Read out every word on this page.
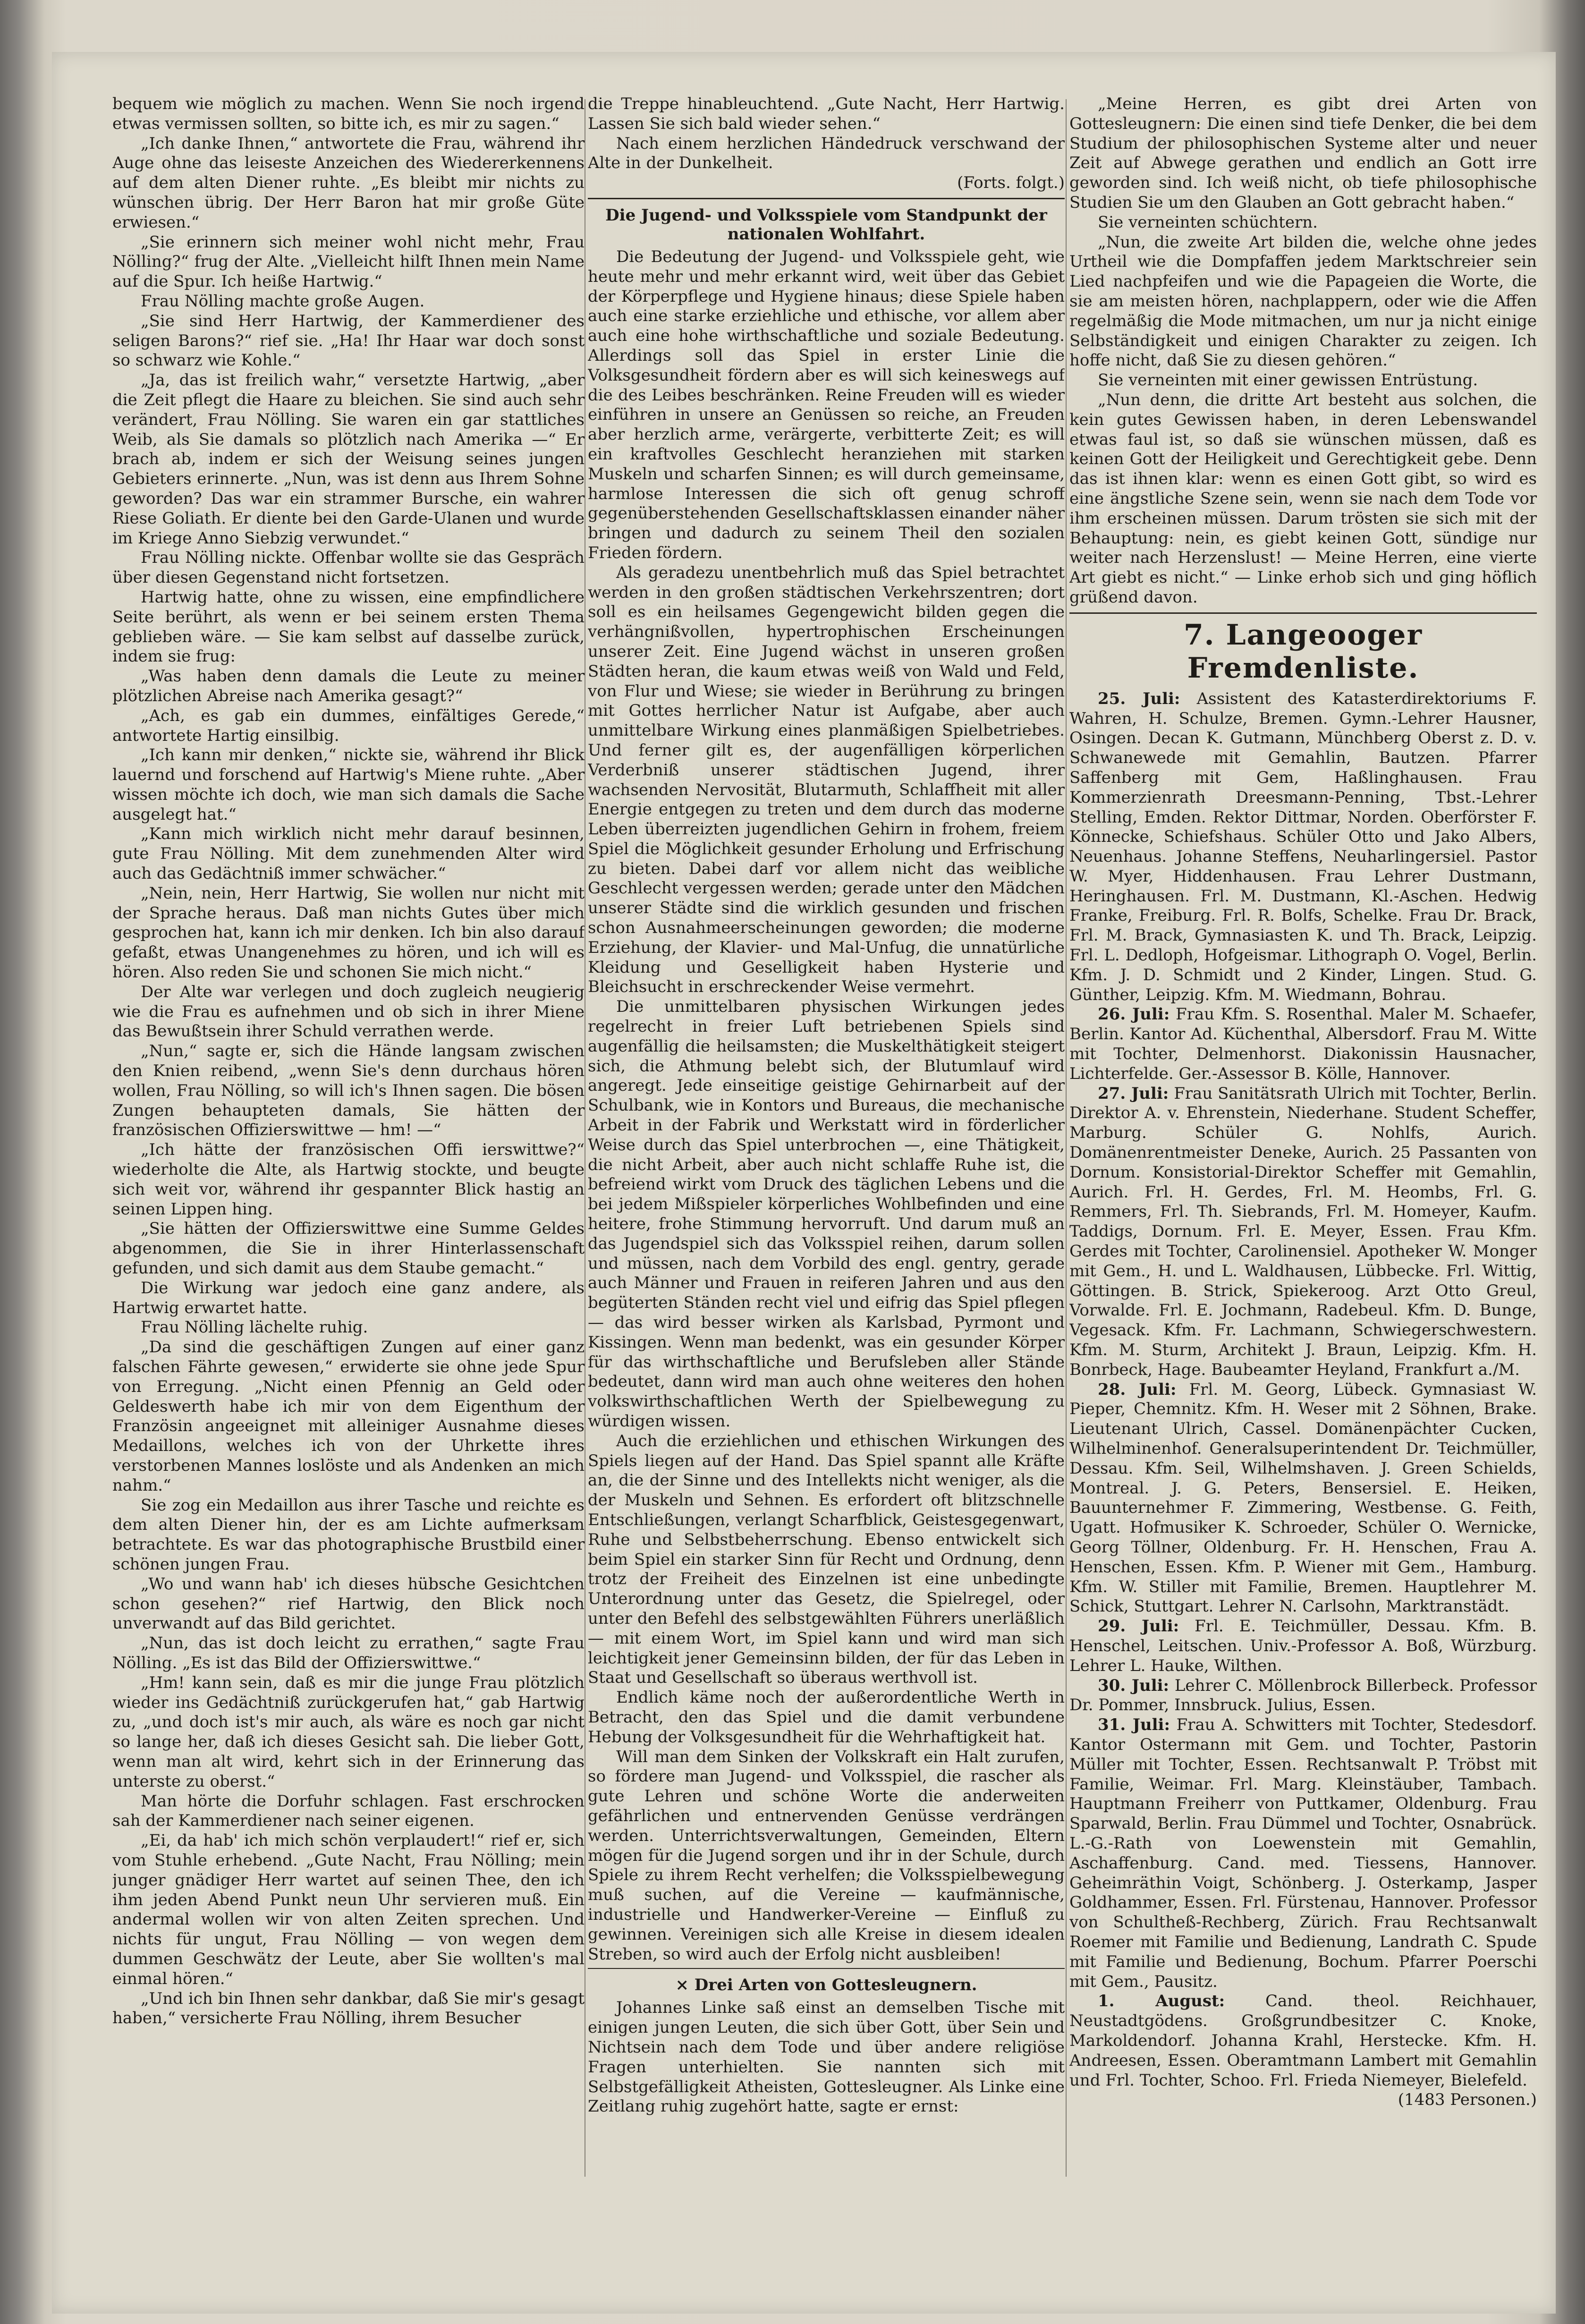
bequem wie möglich zu machen. Wenn Sie noch irgend etwas vermissen sollten, so bitte ich, es mir zu sagen.“

„Ich danke Ihnen,“ antwortete die Frau, während ihr Auge ohne das leiseste Anzeichen des Wiedererkennens auf dem alten Diener ruhte. „Es bleibt mir nichts zu wünschen übrig. Der Herr Baron hat mir große Güte erwiesen.“

„Sie erinnern sich meiner wohl nicht mehr, Frau Nölling?“ frug der Alte. „Vielleicht hilft Ihnen mein Name auf die Spur. Ich heiße Hartwig.“

Frau Nölling machte große Augen.

„Sie sind Herr Hartwig, der Kammerdiener des seligen Barons?“ rief sie. „Ha! Ihr Haar war doch sonst so schwarz wie Kohle.“

„Ja, das ist freilich wahr,“ versetzte Hartwig, „aber die Zeit pflegt die Haare zu bleichen. Sie sind auch sehr verändert, Frau Nölling. Sie waren ein gar stattliches Weib, als Sie damals so plötzlich nach Amerika —“ Er brach ab, indem er sich der Weisung seines jungen Gebieters erinnerte. „Nun, was ist denn aus Ihrem Sohne geworden? Das war ein strammer Bursche, ein wahrer Riese Goliath. Er diente bei den Garde-Ulanen und wurde im Kriege Anno Siebzig verwundet.“

Frau Nölling nickte. Offenbar wollte sie das Gespräch über diesen Gegenstand nicht fortsetzen.

Hartwig hatte, ohne zu wissen, eine empfindlichere Seite berührt, als wenn er bei seinem ersten Thema geblieben wäre. — Sie kam selbst auf dasselbe zurück, indem sie frug:

„Was haben denn damals die Leute zu meiner plötzlichen Abreise nach Amerika gesagt?“

„Ach, es gab ein dummes, einfältiges Gerede,“ antwortete Hartig einsilbig.

„Ich kann mir denken,“ nickte sie, während ihr Blick lauernd und forschend auf Hartwig's Miene ruhte. „Aber wissen möchte ich doch, wie man sich damals die Sache ausgelegt hat.“

„Kann mich wirklich nicht mehr darauf besinnen, gute Frau Nölling. Mit dem zunehmenden Alter wird auch das Gedächtniß immer schwächer.“

„Nein, nein, Herr Hartwig, Sie wollen nur nicht mit der Sprache heraus. Daß man nichts Gutes über mich gesprochen hat, kann ich mir denken. Ich bin also darauf gefaßt, etwas Unangenehmes zu hören, und ich will es hören. Also reden Sie und schonen Sie mich nicht.“

Der Alte war verlegen und doch zugleich neugierig wie die Frau es aufnehmen und ob sich in ihrer Miene das Bewußtsein ihrer Schuld verrathen werde.

„Nun,“ sagte er, sich die Hände langsam zwischen den Knien reibend, „wenn Sie's denn durchaus hören wollen, Frau Nölling, so will ich's Ihnen sagen. Die bösen Zungen behaupteten damals, Sie hätten der französischen Offizierswittwe — hm! —“

„Ich hätte der französischen Offi ierswittwe?“ wiederholte die Alte, als Hartwig stockte, und beugte sich weit vor, während ihr gespannter Blick hastig an seinen Lippen hing.

„Sie hätten der Offizierswittwe eine Summe Geldes abgenommen, die Sie in ihrer Hinterlassenschaft gefunden, und sich damit aus dem Staube gemacht.“

Die Wirkung war jedoch eine ganz andere, als Hartwig erwartet hatte.

Frau Nölling lächelte ruhig.

„Da sind die geschäftigen Zungen auf einer ganz falschen Fährte gewesen,“ erwiderte sie ohne jede Spur von Erregung. „Nicht einen Pfennig an Geld oder Geldeswerth habe ich mir von dem Eigenthum der Französin angeeignet mit alleiniger Ausnahme dieses Medaillons, welches ich von der Uhrkette ihres verstorbenen Mannes loslöste und als Andenken an mich nahm.“

Sie zog ein Medaillon aus ihrer Tasche und reichte es dem alten Diener hin, der es am Lichte aufmerksam betrachtete. Es war das photographische Brustbild einer schönen jungen Frau.

„Wo und wann hab' ich dieses hübsche Gesichtchen schon gesehen?“ rief Hartwig, den Blick noch unverwandt auf das Bild gerichtet.

„Nun, das ist doch leicht zu errathen,“ sagte Frau Nölling. „Es ist das Bild der Offizierswittwe.“

„Hm! kann sein, daß es mir die junge Frau plötzlich wieder ins Gedächtniß zurückgerufen hat,“ gab Hartwig zu, „und doch ist's mir auch, als wäre es noch gar nicht so lange her, daß ich dieses Gesicht sah. Die lieber Gott, wenn man alt wird, kehrt sich in der Erinnerung das unterste zu oberst.“

Man hörte die Dorfuhr schlagen. Fast erschrocken sah der Kammerdiener nach seiner eigenen.

„Ei, da hab' ich mich schön verplaudert!“ rief er, sich vom Stuhle erhebend. „Gute Nacht, Frau Nölling; mein junger gnädiger Herr wartet auf seinen Thee, den ich ihm jeden Abend Punkt neun Uhr servieren muß. Ein andermal wollen wir von alten Zeiten sprechen. Und nichts für ungut, Frau Nölling — von wegen dem dummen Geschwätz der Leute, aber Sie wollten's mal einmal hören.“

„Und ich bin Ihnen sehr dankbar, daß Sie mir's gesagt haben,“ versicherte Frau Nölling, ihrem Besucher

die Treppe hinableuchtend. „Gute Nacht, Herr Hartwig. Lassen Sie sich bald wieder sehen.“

Nach einem herzlichen Händedruck verschwand der Alte in der Dunkelheit.

(Forts. folgt.)

Die Jugend- und Volksspiele vom Standpunkt der nationalen Wohlfahrt.

Die Bedeutung der Jugend- und Volksspiele geht, wie heute mehr und mehr erkannt wird, weit über das Gebiet der Körperpflege und Hygiene hinaus; diese Spiele haben auch eine starke erziehliche und ethische, vor allem aber auch eine hohe wirthschaftliche und soziale Bedeutung. Allerdings soll das Spiel in erster Linie die Volksgesundheit fördern aber es will sich keineswegs auf die des Leibes beschränken. Reine Freuden will es wieder einführen in unsere an Genüssen so reiche, an Freuden aber herzlich arme, verärgerte, verbitterte Zeit; es will ein kraftvolles Geschlecht heranziehen mit starken Muskeln und scharfen Sinnen; es will durch gemeinsame, harmlose Interessen die sich oft genug schroff gegenüberstehenden Gesellschaftsklassen einander näher bringen und dadurch zu seinem Theil den sozialen Frieden fördern.

Als geradezu unentbehrlich muß das Spiel betrachtet werden in den großen städtischen Verkehrszentren; dort soll es ein heilsames Gegengewicht bilden gegen die verhängnißvollen, hypertrophischen Erscheinungen unserer Zeit. Eine Jugend wächst in unseren großen Städten heran, die kaum etwas weiß von Wald und Feld, von Flur und Wiese; sie wieder in Berührung zu bringen mit Gottes herrlicher Natur ist Aufgabe, aber auch unmittelbare Wirkung eines planmäßigen Spielbetriebes. Und ferner gilt es, der augenfälligen körperlichen Verderbniß unserer städtischen Jugend, ihrer wachsenden Nervosität, Blutarmuth, Schlaffheit mit aller Energie entgegen zu treten und dem durch das moderne Leben überreizten jugendlichen Gehirn in frohem, freiem Spiel die Möglichkeit gesunder Erholung und Erfrischung zu bieten. Dabei darf vor allem nicht das weibliche Geschlecht vergessen werden; gerade unter den Mädchen unserer Städte sind die wirklich gesunden und frischen schon Ausnahmeerscheinungen geworden; die moderne Erziehung, der Klavier- und Mal-Unfug, die unnatürliche Kleidung und Geselligkeit haben Hysterie und Bleichsucht in erschreckender Weise vermehrt.

Die unmittelbaren physischen Wirkungen jedes regelrecht in freier Luft betriebenen Spiels sind augenfällig die heilsamsten; die Muskelthätigkeit steigert sich, die Athmung belebt sich, der Blutumlauf wird angeregt. Jede einseitige geistige Gehirnarbeit auf der Schulbank, wie in Kontors und Bureaus, die mechanische Arbeit in der Fabrik und Werkstatt wird in förderlicher Weise durch das Spiel unterbrochen —, eine Thätigkeit, die nicht Arbeit, aber auch nicht schlaffe Ruhe ist, die befreiend wirkt vom Druck des täglichen Lebens und die bei jedem Mißspieler körperliches Wohlbefinden und eine heitere, frohe Stimmung hervorruft. Und darum muß an das Jugendspiel sich das Volksspiel reihen, darum sollen und müssen, nach dem Vorbild des engl. gentry, gerade auch Männer und Frauen in reiferen Jahren und aus den begüterten Ständen recht viel und eifrig das Spiel pflegen — das wird besser wirken als Karlsbad, Pyrmont und Kissingen. Wenn man bedenkt, was ein gesunder Körper für das wirthschaftliche und Berufsleben aller Stände bedeutet, dann wird man auch ohne weiteres den hohen volkswirthschaftlichen Werth der Spielbewegung zu würdigen wissen.

Auch die erziehlichen und ethischen Wirkungen des Spiels liegen auf der Hand. Das Spiel spannt alle Kräfte an, die der Sinne und des Intellekts nicht weniger, als die der Muskeln und Sehnen. Es erfordert oft blitzschnelle Entschließungen, verlangt Scharfblick, Geistesgegenwart, Ruhe und Selbstbeherrschung. Ebenso entwickelt sich beim Spiel ein starker Sinn für Recht und Ordnung, denn trotz der Freiheit des Einzelnen ist eine unbedingte Unterordnung unter das Gesetz, die Spielregel, oder unter den Befehl des selbstgewählten Führers unerläßlich — mit einem Wort, im Spiel kann und wird man sich leichtigkeit jener Gemeinsinn bilden, der für das Leben in Staat und Gesellschaft so überaus werthvoll ist.

Endlich käme noch der außerordentliche Werth in Betracht, den das Spiel und die damit verbundene Hebung der Volksgesundheit für die Wehrhaftigkeit hat.

Will man dem Sinken der Volkskraft ein Halt zurufen, so fördere man Jugend- und Volksspiel, die rascher als gute Lehren und schöne Worte die anderweiten gefährlichen und entnervenden Genüsse verdrängen werden. Unterrichtsverwaltungen, Gemeinden, Eltern mögen für die Jugend sorgen und ihr in der Schule, durch Spiele zu ihrem Recht verhelfen; die Volksspielbewegung muß suchen, auf die Vereine — kaufmännische, industrielle und Handwerker-Vereine — Einfluß zu gewinnen. Vereinigen sich alle Kreise in diesem idealen Streben, so wird auch der Erfolg nicht ausbleiben!

⨯ Drei Arten von Gottesleugnern.

Johannes Linke saß einst an demselben Tische mit einigen jungen Leuten, die sich über Gott, über Sein und Nichtsein nach dem Tode und über andere religiöse Fragen unterhielten. Sie nannten sich mit Selbstgefälligkeit Atheisten, Gottesleugner. Als Linke eine Zeitlang ruhig zugehört hatte, sagte er ernst:

„Meine Herren, es gibt drei Arten von Gottesleugnern: Die einen sind tiefe Denker, die bei dem Studium der philosophischen Systeme alter und neuer Zeit auf Abwege gerathen und endlich an Gott irre geworden sind. Ich weiß nicht, ob tiefe philosophische Studien Sie um den Glauben an Gott gebracht haben.“

Sie verneinten schüchtern.

„Nun, die zweite Art bilden die, welche ohne jedes Urtheil wie die Dompfaffen jedem Marktschreier sein Lied nachpfeifen und wie die Papageien die Worte, die sie am meisten hören, nachplappern, oder wie die Affen regelmäßig die Mode mitmachen, um nur ja nicht einige Selbständigkeit und einigen Charakter zu zeigen. Ich hoffe nicht, daß Sie zu diesen gehören.“

Sie verneinten mit einer gewissen Entrüstung.

„Nun denn, die dritte Art besteht aus solchen, die kein gutes Gewissen haben, in deren Lebenswandel etwas faul ist, so daß sie wünschen müssen, daß es keinen Gott der Heiligkeit und Gerechtigkeit gebe. Denn das ist ihnen klar: wenn es einen Gott gibt, so wird es eine ängstliche Szene sein, wenn sie nach dem Tode vor ihm erscheinen müssen. Darum trösten sie sich mit der Behauptung: nein, es giebt keinen Gott, sündige nur weiter nach Herzenslust! — Meine Herren, eine vierte Art giebt es nicht.“ — Linke erhob sich und ging höflich grüßend davon.

7. Langeooger Fremdenliste.

25. Juli: Assistent des Katasterdirektoriums F. Wahren, H. Schulze, Bremen. Gymn.-Lehrer Hausner, Osingen. Decan K. Gutmann, Münchberg Oberst z. D. v. Schwanewede mit Gemahlin, Bautzen. Pfarrer Saffenberg mit Gem, Haßlinghausen. Frau Kommerzienrath Dreesmann-Penning, Tbst.-Lehrer Stelling, Emden. Rektor Dittmar, Norden. Oberförster F. Könnecke, Schiefshaus. Schüler Otto und Jako Albers, Neuenhaus. Johanne Steffens, Neuharlingersiel. Pastor W. Myer, Hiddenhausen. Frau Lehrer Dustmann, Heringhausen. Frl. M. Dustmann, Kl.-Aschen. Hedwig Franke, Freiburg. Frl. R. Bolfs, Schelke. Frau Dr. Brack, Frl. M. Brack, Gymnasiasten K. und Th. Brack, Leipzig. Frl. L. Dedloph, Hofgeismar. Lithograph O. Vogel, Berlin. Kfm. J. D. Schmidt und 2 Kinder, Lingen. Stud. G. Günther, Leipzig. Kfm. M. Wiedmann, Bohrau.

26. Juli: Frau Kfm. S. Rosenthal. Maler M. Schaefer, Berlin. Kantor Ad. Küchenthal, Albersdorf. Frau M. Witte mit Tochter, Delmenhorst. Diakonissin Hausnacher, Lichterfelde. Ger.-Assessor B. Kölle, Hannover.

27. Juli: Frau Sanitätsrath Ulrich mit Tochter, Berlin. Direktor A. v. Ehrenstein, Niederhane. Student Scheffer, Marburg. Schüler G. Nohlfs, Aurich. Domänenrentmeister Deneke, Aurich. 25 Passanten von Dornum. Konsistorial-Direktor Scheffer mit Gemahlin, Aurich. Frl. H. Gerdes, Frl. M. Heombs, Frl. G. Remmers, Frl. Th. Siebrands, Frl. M. Homeyer, Kaufm. Taddigs, Dornum. Frl. E. Meyer, Essen. Frau Kfm. Gerdes mit Tochter, Carolinensiel. Apotheker W. Monger mit Gem., H. und L. Waldhausen, Lübbecke. Frl. Wittig, Göttingen. B. Strick, Spiekeroog. Arzt Otto Greul, Vorwalde. Frl. E. Jochmann, Radebeul. Kfm. D. Bunge, Vegesack. Kfm. Fr. Lachmann, Schwiegerschwestern. Kfm. M. Sturm, Architekt J. Braun, Leipzig. Kfm. H. Bonrbeck, Hage. Baubeamter Heyland, Frankfurt a./M.

28. Juli: Frl. M. Georg, Lübeck. Gymnasiast W. Pieper, Chemnitz. Kfm. H. Weser mit 2 Söhnen, Brake. Lieutenant Ulrich, Cassel. Domänenpächter Cucken, Wilhelminenhof. Generalsuperintendent Dr. Teichmüller, Dessau. Kfm. Seil, Wilhelmshaven. J. Green Schields, Montreal. J. G. Peters, Bensersiel. E. Heiken, Bauunternehmer F. Zimmering, Westbense. G. Feith, Ugatt. Hofmusiker K. Schroeder, Schüler O. Wernicke, Georg Töllner, Oldenburg. Fr. H. Henschen, Frau A. Henschen, Essen. Kfm. P. Wiener mit Gem., Hamburg. Kfm. W. Stiller mit Familie, Bremen. Hauptlehrer M. Schick, Stuttgart. Lehrer N. Carlsohn, Marktranstädt.

29. Juli: Frl. E. Teichmüller, Dessau. Kfm. B. Henschel, Leitschen. Univ.-Professor A. Boß, Würzburg. Lehrer L. Hauke, Wilthen.

30. Juli: Lehrer C. Möllenbrock Billerbeck. Professor Dr. Pommer, Innsbruck. Julius, Essen.

31. Juli: Frau A. Schwitters mit Tochter, Stedesdorf. Kantor Ostermann mit Gem. und Tochter, Pastorin Müller mit Tochter, Essen. Rechtsanwalt P. Tröbst mit Familie, Weimar. Frl. Marg. Kleinstäuber, Tambach. Hauptmann Freiherr von Puttkamer, Oldenburg. Frau Sparwald, Berlin. Frau Dümmel und Tochter, Osnabrück. L.-G.-Rath von Loewenstein mit Gemahlin, Aschaffenburg. Cand. med. Tiessens, Hannover. Geheimräthin Voigt, Schönberg. J. Osterkamp, Jasper Goldhammer, Essen. Frl. Fürstenau, Hannover. Professor von Schultheß-Rechberg, Zürich. Frau Rechtsanwalt Roemer mit Familie und Bedienung, Landrath C. Spude mit Familie und Bedienung, Bochum. Pfarrer Poerschi mit Gem., Pausitz.

1. August: Cand. theol. Reichhauer, Neustadtgödens. Großgrundbesitzer C. Knoke, Markoldendorf. Johanna Krahl, Herstecke. Kfm. H. Andreesen, Essen. Oberamtmann Lambert mit Gemahlin und Frl. Tochter, Schoo. Frl. Frieda Niemeyer, Bielefeld.

(1483 Personen.)
